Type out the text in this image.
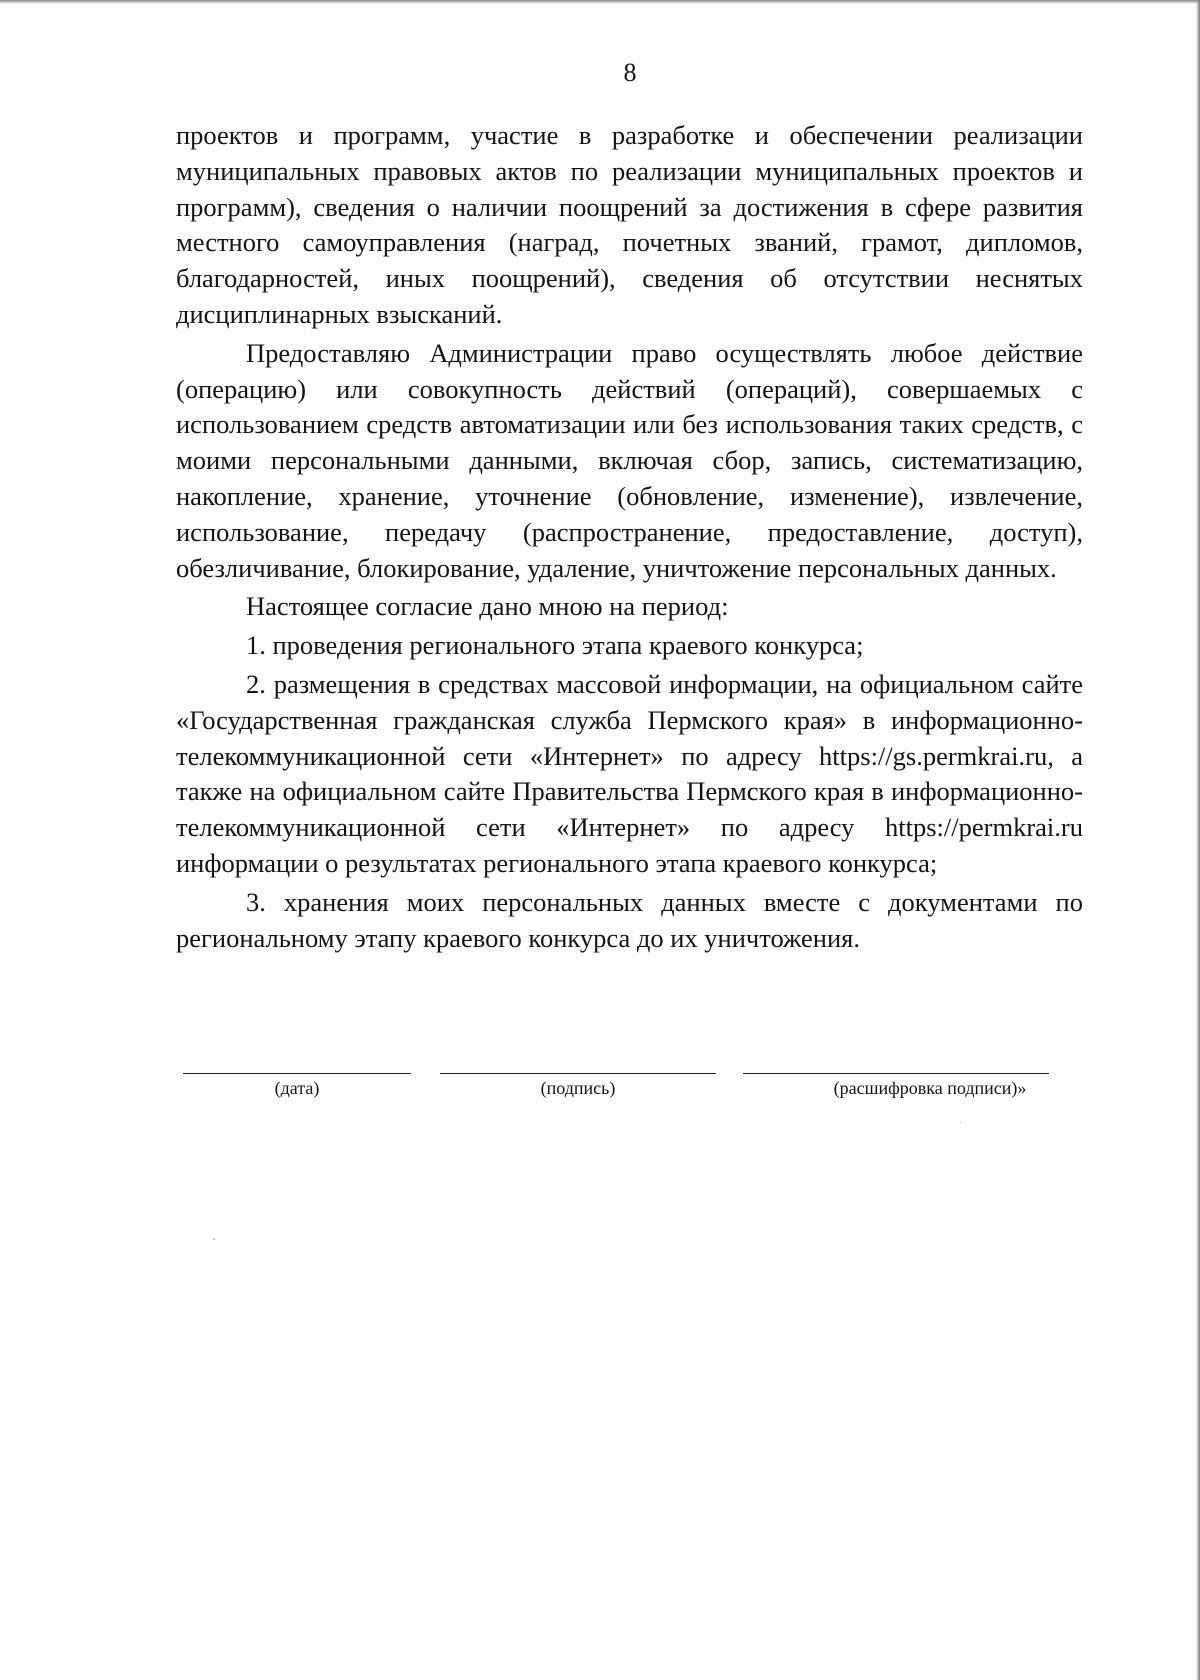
8

проектов и программ, участие в разработке и обеспечении реализации муниципальных правовых актов по реализации муниципальных проектов и программ), сведения о наличии поощрений за достижения в сфере развития местного самоуправления (наград, почетных званий, грамот, дипломов, благодарностей, иных поощрений), сведения об отсутствии неснятых дисциплинарных взысканий.

Предоставляю Администрации право осуществлять любое действие (операцию) или совокупность действий (операций), совершаемых с использованием средств автоматизации или без использования таких средств, с моими персональными данными, включая сбор, запись, систематизацию, накопление, хранение, уточнение (обновление, изменение), извлечение, использование, передачу (распространение, предоставление, доступ), обезличивание, блокирование, удаление, уничтожение персональных данных.

Настоящее согласие дано мною на период:

1. проведения регионального этапа краевого конкурса;

2. размещения в средствах массовой информации, на официальном сайте «Государственная гражданская служба Пермского края» в информационно-телекоммуникационной сети «Интернет» по адресу https://gs.permkrai.ru, а также на официальном сайте Правительства Пермского края в информационно-телекоммуникационной сети «Интернет» по адресу https://permkrai.ru информации о результатах регионального этапа краевого конкурса;

3. хранения моих персональных данных вместе с документами по региональному этапу краевого конкурса до их уничтожения.

(дата)	(подпись)	(расшифровка подписи)»
